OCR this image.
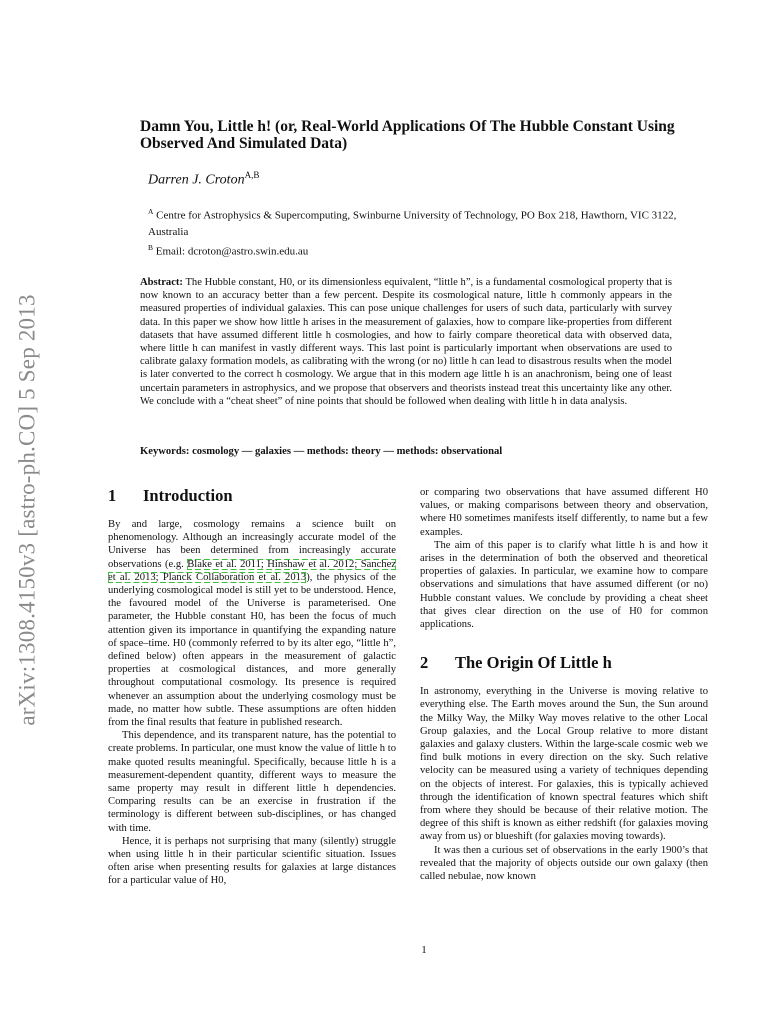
arXiv:1308.4150v3 [astro-ph.CO] 5 Sep 2013
Damn You, Little h! (or, Real-World Applications Of The Hubble Constant Using Observed And Simulated Data)
Darren J. Croton$^{A,B}$
$^A$ Centre for Astrophysics & Supercomputing, Swinburne University of Technology, PO Box 218, Hawthorn, VIC 3122, Australia
$^B$ Email: dcroton@astro.swin.edu.au

Abstract: The Hubble constant, H0, or its dimensionless equivalent, “little h”, is a fundamental cosmological property that is now known to an accuracy better than a few percent. Despite its cosmological nature, little h commonly appears in the measured properties of individual galaxies. This can pose unique challenges for users of such data, particularly with survey data. In this paper we show how little h arises in the measurement of galaxies, how to compare like-properties from different datasets that have assumed different little h cosmologies, and how to fairly compare theoretical data with observed data, where little h can manifest in vastly different ways. This last point is particularly important when observations are used to calibrate galaxy formation models, as calibrating with the wrong (or no) little h can lead to disastrous results when the model is later converted to the correct h cosmology. We argue that in this modern age little h is an anachronism, being one of least uncertain parameters in astrophysics, and we propose that observers and theorists instead treat this uncertainty like any other. We conclude with a “cheat sheet” of nine points that should be followed when dealing with little h in data analysis.

Keywords: cosmology — galaxies — methods: theory — methods: observational
1 Introduction

By and large, cosmology remains a science built on phenomenology. Although an increasingly accurate model of the Universe has been determined from increasingly accurate observations (e.g. Blake et al. 2011; Hinshaw et al. 2012; Sanchez et al. 2013; Planck Collaboration et al. 2013), the physics of the underlying cosmological model is still yet to be understood. Hence, the favoured model of the Universe is parameterised. One parameter, the Hubble constant H0, has been the focus of much attention given its importance in quantifying the expanding nature of space–time. H0 (commonly referred to by its alter ego, “little h”, defined below) often appears in the measurement of galactic properties at cosmological distances, and more generally throughout computational cosmology. Its presence is required whenever an assumption about the underlying cosmology must be made, no matter how subtle. These assumptions are often hidden from the final results that feature in published research.

This dependence, and its transparent nature, has the potential to create problems. In particular, one must know the value of little h to make quoted results meaningful. Specifically, because little h is a measurement-dependent quantity, different ways to measure the same property may result in different little h dependencies. Comparing results can be an exercise in frustration if the terminology is different between sub-disciplines, or has changed with time.

Hence, it is perhaps not surprising that many (silently) struggle when using little h in their particular scientific situation. Issues often arise when presenting results for galaxies at large distances for a particular value of H0,

or comparing two observations that have assumed different H0 values, or making comparisons between theory and observation, where H0 sometimes manifests itself differently, to name but a few examples.

The aim of this paper is to clarify what little h is and how it arises in the determination of both the observed and theoretical properties of galaxies. In particular, we examine how to compare observations and simulations that have assumed different (or no) Hubble constant values. We conclude by providing a cheat sheet that gives clear direction on the use of H0 for common applications.

2 The Origin Of Little h

In astronomy, everything in the Universe is moving relative to everything else. The Earth moves around the Sun, the Sun around the Milky Way, the Milky Way moves relative to the other Local Group galaxies, and the Local Group relative to more distant galaxies and galaxy clusters. Within the large-scale cosmic web we find bulk motions in every direction on the sky. Such relative velocity can be measured using a variety of techniques depending on the objects of interest. For galaxies, this is typically achieved through the identification of known spectral features which shift from where they should be because of their relative motion. The degree of this shift is known as either redshift (for galaxies moving away from us) or blueshift (for galaxies moving towards).

It was then a curious set of observations in the early 1900’s that revealed that the majority of objects outside our own galaxy (then called nebulae, now known

1
